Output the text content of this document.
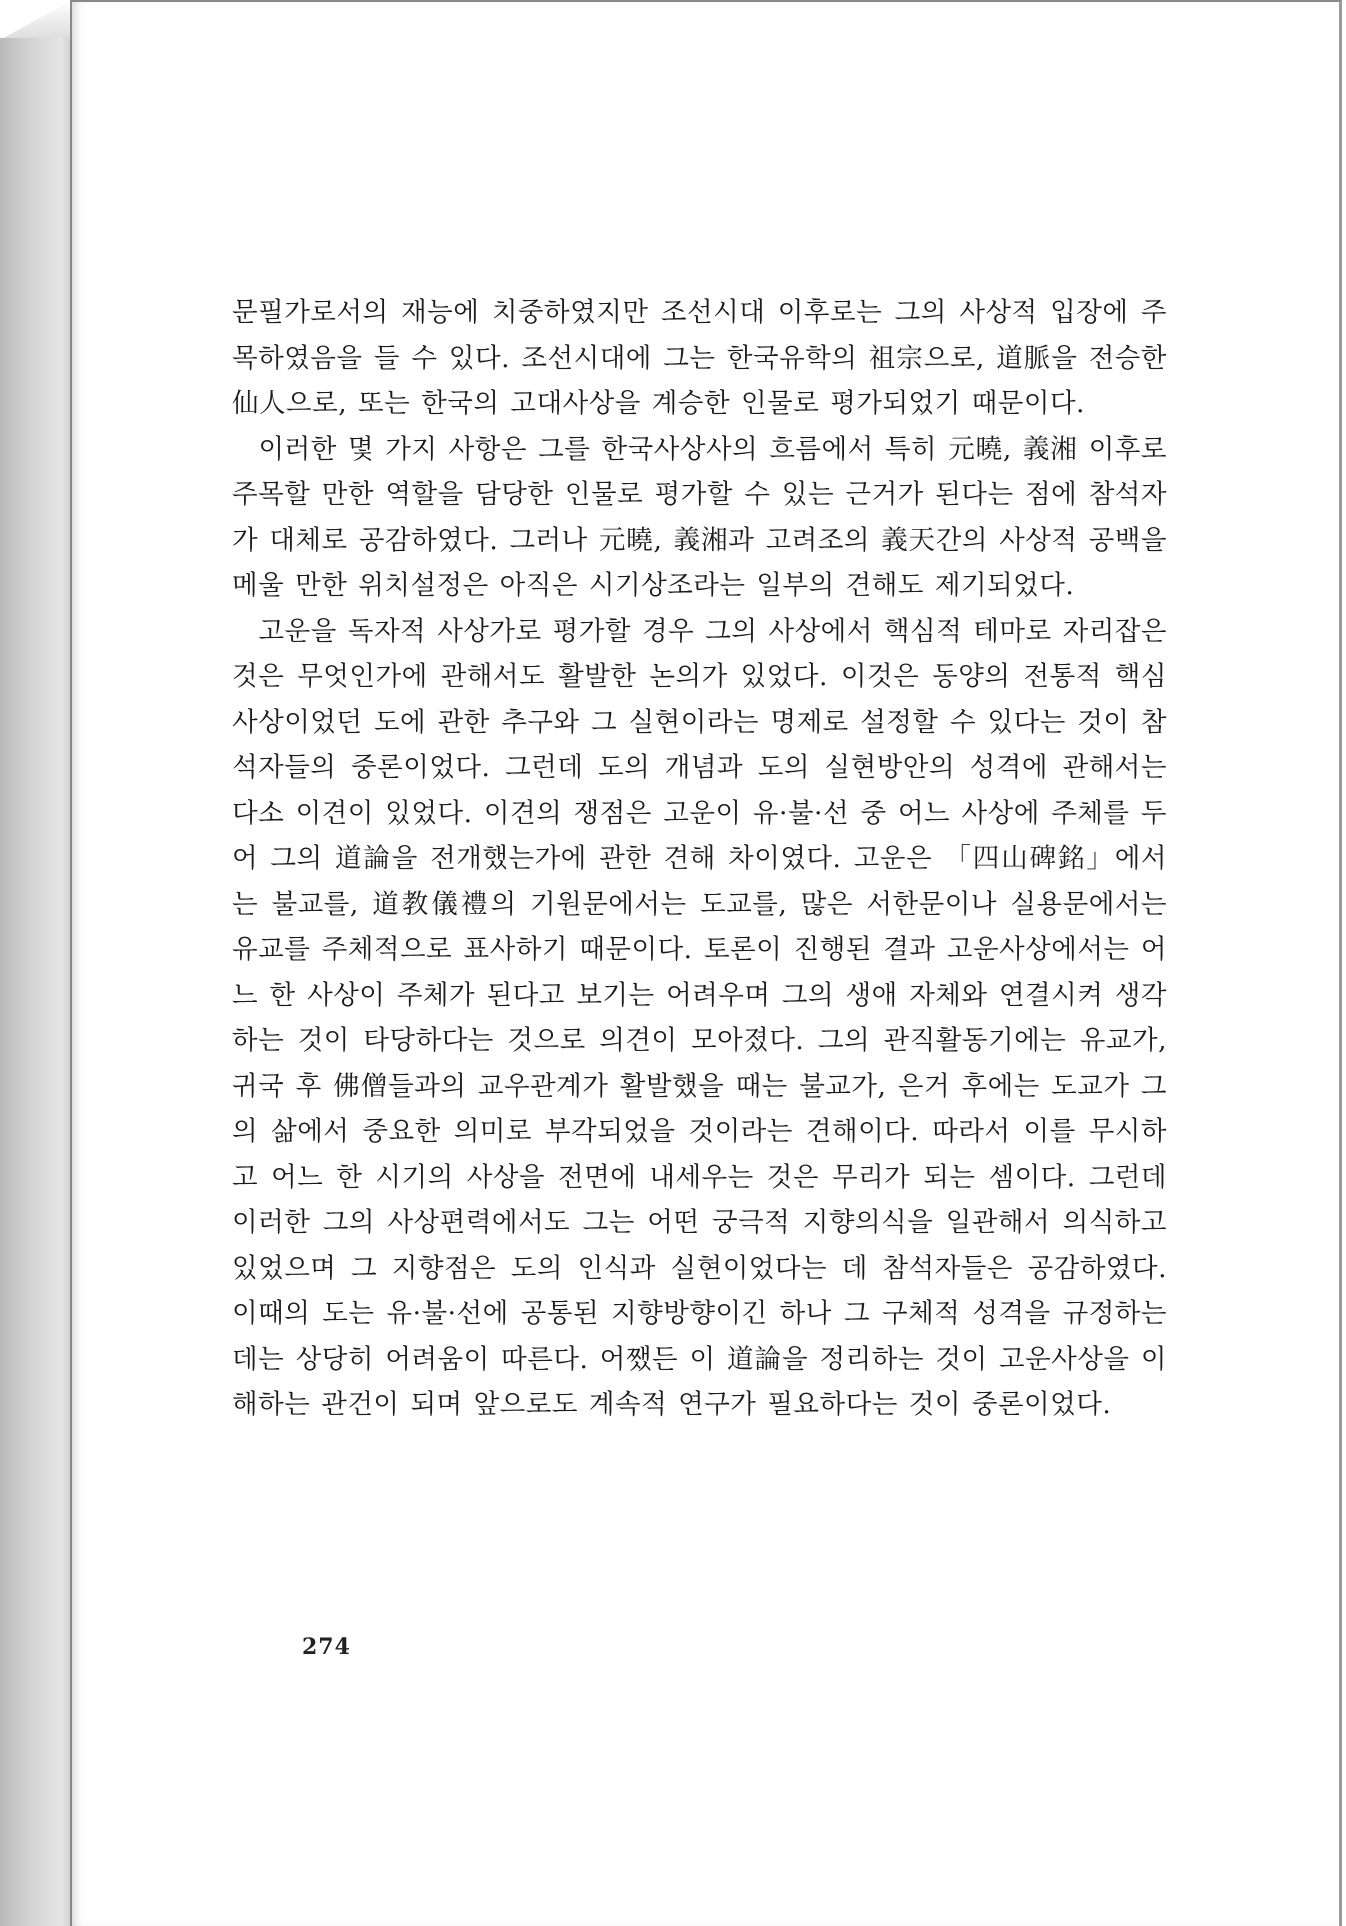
문필가로서의 재능에 치중하였지만 조선시대 이후로는 그의 사상적 입장에 주목하였음을 들 수 있다. 조선시대에 그는 한국유학의 祖宗으로, 道脈을 전승한 仙人으로, 또는 한국의 고대사상을 계승한 인물로 평가되었기 때문이다.

이러한 몇 가지 사항은 그를 한국사상사의 흐름에서 특히 元曉, 義湘 이후로 주목할 만한 역할을 담당한 인물로 평가할 수 있는 근거가 된다는 점에 참석자가 대체로 공감하였다. 그러나 元曉, 義湘과 고려조의 義天간의 사상적 공백을 메울 만한 위치설정은 아직은 시기상조라는 일부의 견해도 제기되었다.

고운을 독자적 사상가로 평가할 경우 그의 사상에서 핵심적 테마로 자리잡은 것은 무엇인가에 관해서도 활발한 논의가 있었다. 이것은 동양의 전통적 핵심사상이었던 도에 관한 추구와 그 실현이라는 명제로 설정할 수 있다는 것이 참석자들의 중론이었다. 그런데 도의 개념과 도의 실현방안의 성격에 관해서는 다소 이견이 있었다. 이견의 쟁점은 고운이 유·불·선 중 어느 사상에 주체를 두어 그의 道論을 전개했는가에 관한 견해 차이였다. 고운은 「四山碑銘」에서는 불교를, 道教儀禮의 기원문에서는 도교를, 많은 서한문이나 실용문에서는 유교를 주체적으로 표사하기 때문이다. 토론이 진행된 결과 고운사상에서는 어느 한 사상이 주체가 된다고 보기는 어려우며 그의 생애 자체와 연결시켜 생각하는 것이 타당하다는 것으로 의견이 모아졌다. 그의 관직활동기에는 유교가, 귀국 후 佛僧들과의 교우관계가 활발했을 때는 불교가, 은거 후에는 도교가 그의 삶에서 중요한 의미로 부각되었을 것이라는 견해이다. 따라서 이를 무시하고 어느 한 시기의 사상을 전면에 내세우는 것은 무리가 되는 셈이다. 그런데 이러한 그의 사상편력에서도 그는 어떤 궁극적 지향의식을 일관해서 의식하고 있었으며 그 지향점은 도의 인식과 실현이었다는 데 참석자들은 공감하였다. 이때의 도는 유·불·선에 공통된 지향방향이긴 하나 그 구체적 성격을 규정하는 데는 상당히 어려움이 따른다. 어쨌든 이 道論을 정리하는 것이 고운사상을 이해하는 관건이 되며 앞으로도 계속적 연구가 필요하다는 것이 중론이었다.

274
